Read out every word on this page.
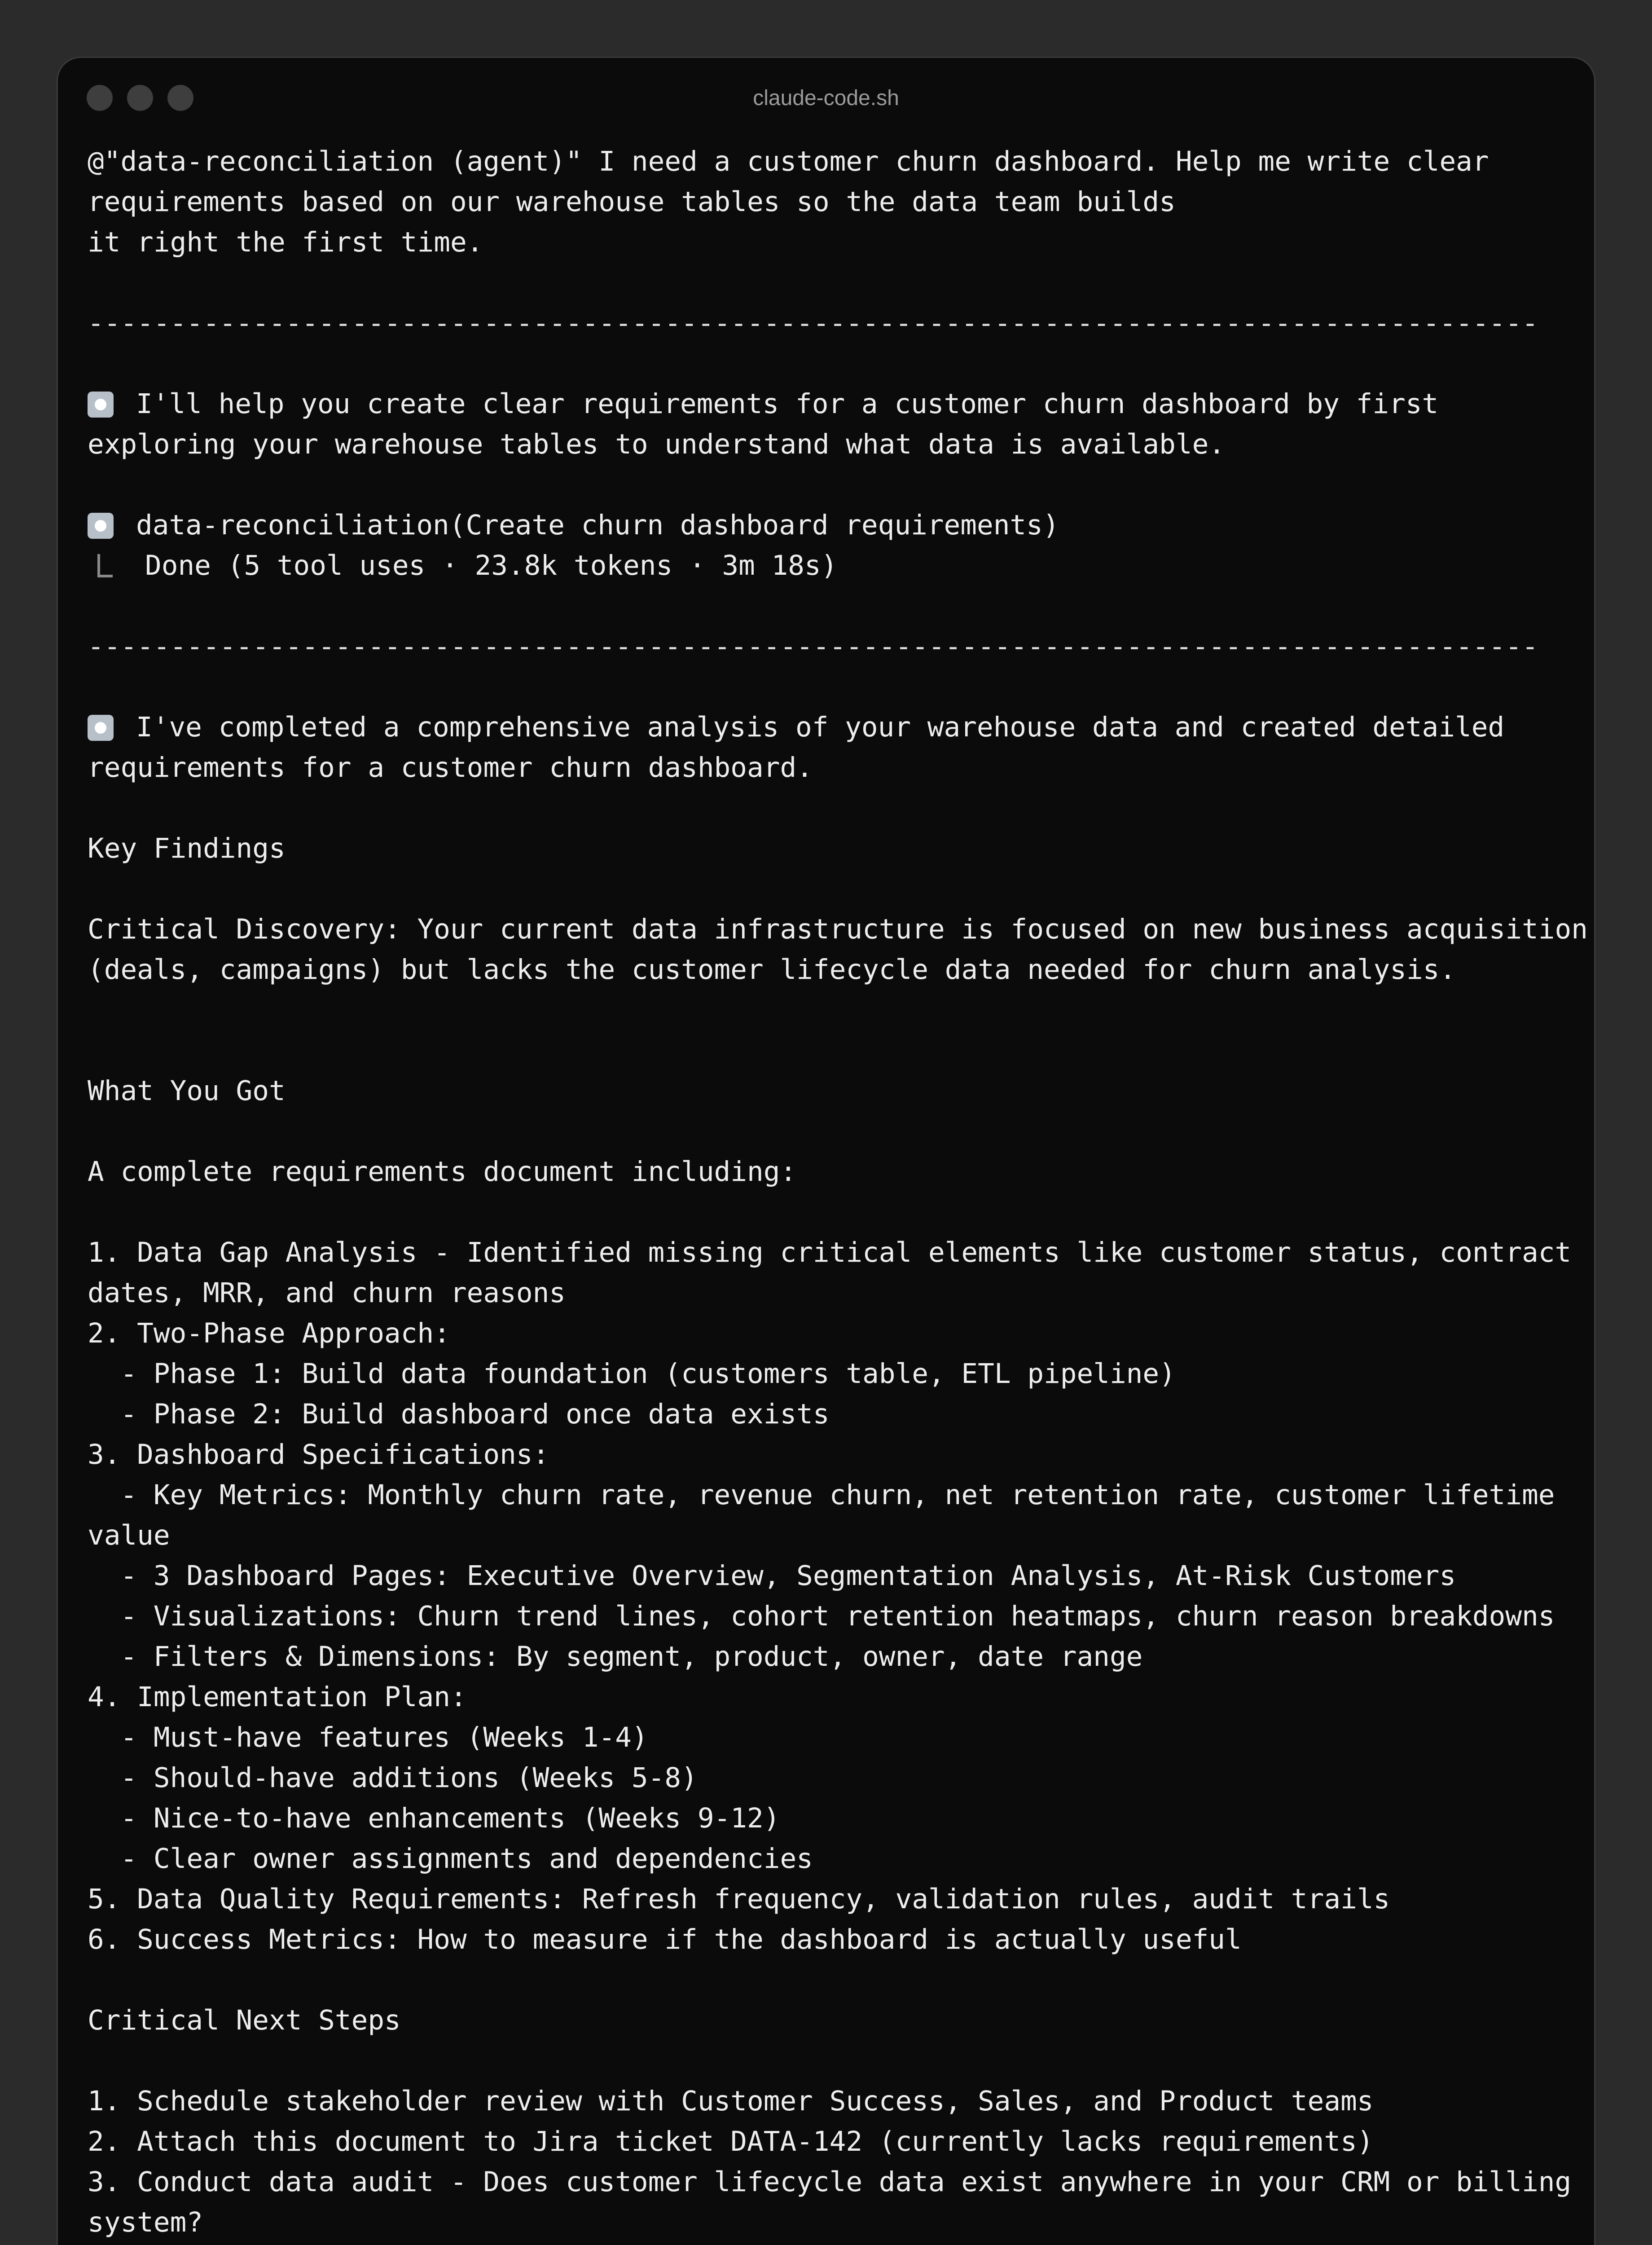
claude-code.sh
@"data-reconciliation (agent)" I need a customer churn dashboard. Help me write clear
requirements based on our warehouse tables so the data team builds
it right the first time.
----------------------------------------------------------------------------------------
I'll help you create clear requirements for a customer churn dashboard by first
exploring your warehouse tables to understand what data is available.
data-reconciliation(Create churn dashboard requirements)
Done (5 tool uses · 23.8k tokens · 3m 18s)
----------------------------------------------------------------------------------------
I've completed a comprehensive analysis of your warehouse data and created detailed
requirements for a customer churn dashboard.
Key Findings
Critical Discovery: Your current data infrastructure is focused on new business acquisition
(deals, campaigns) but lacks the customer lifecycle data needed for churn analysis.
What You Got
A complete requirements document including:
1. Data Gap Analysis - Identified missing critical elements like customer status, contract
dates, MRR, and churn reasons
2. Two-Phase Approach:
- Phase 1: Build data foundation (customers table, ETL pipeline)
- Phase 2: Build dashboard once data exists
3. Dashboard Specifications:
- Key Metrics: Monthly churn rate, revenue churn, net retention rate, customer lifetime
value
- 3 Dashboard Pages: Executive Overview, Segmentation Analysis, At-Risk Customers
- Visualizations: Churn trend lines, cohort retention heatmaps, churn reason breakdowns
- Filters & Dimensions: By segment, product, owner, date range
4. Implementation Plan:
- Must-have features (Weeks 1-4)
- Should-have additions (Weeks 5-8)
- Nice-to-have enhancements (Weeks 9-12)
- Clear owner assignments and dependencies
5. Data Quality Requirements: Refresh frequency, validation rules, audit trails
6. Success Metrics: How to measure if the dashboard is actually useful
Critical Next Steps
1. Schedule stakeholder review with Customer Success, Sales, and Product teams
2. Attach this document to Jira ticket DATA-142 (currently lacks requirements)
3. Conduct data audit - Does customer lifecycle data exist anywhere in your CRM or billing
system?
